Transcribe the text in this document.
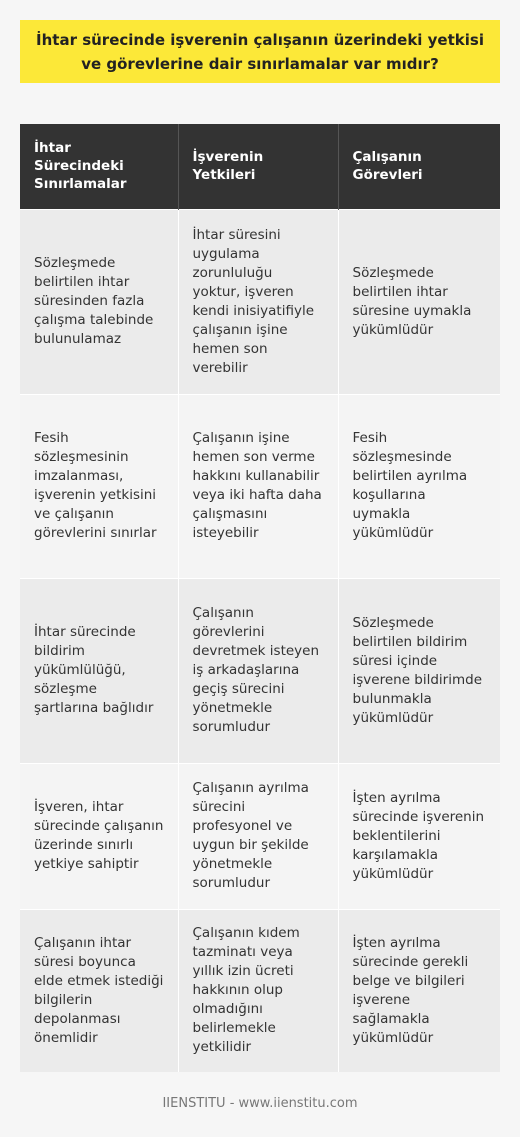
İhtar sürecinde işverenin çalışanın üzerindeki yetkisi ve görevlerine dair sınırlamalar var mıdır?
İhtar Sürecindeki Sınırlamalar	İşverenin Yetkileri	Çalışanın Görevleri
Sözleşmede belirtilen ihtar süresinden fazla çalışma talebinde bulunulamaz	İhtar süresini uygulama zorunluluğu yoktur, işveren kendi inisiyatifiyle çalışanın işine hemen son verebilir	Sözleşmede belirtilen ihtar süresine uymakla yükümlüdür
Fesih sözleşmesinin imzalanması, işverenin yetkisini ve çalışanın görevlerini sınırlar	Çalışanın işine hemen son verme hakkını kullanabilir veya iki hafta daha çalışmasını isteyebilir	Fesih sözleşmesinde belirtilen ayrılma koşullarına uymakla yükümlüdür
İhtar sürecinde bildirim yükümlülüğü, sözleşme şartlarına bağlıdır	Çalışanın görevlerini devretmek isteyen iş arkadaşlarına geçiş sürecini yönetmekle sorumludur	Sözleşmede belirtilen bildirim süresi içinde işverene bildirimde bulunmakla yükümlüdür
İşveren, ihtar sürecinde çalışanın üzerinde sınırlı yetkiye sahiptir	Çalışanın ayrılma sürecini profesyonel ve uygun bir şekilde yönetmekle sorumludur	İşten ayrılma sürecinde işverenin beklentilerini karşılamakla yükümlüdür
Çalışanın ihtar süresi boyunca elde etmek istediği bilgilerin depolanması önemlidir	Çalışanın kıdem tazminatı veya yıllık izin ücreti hakkının olup olmadığını belirlemekle yetkilidir	İşten ayrılma sürecinde gerekli belge ve bilgileri işverene sağlamakla yükümlüdür
IIENSTITU - www.iienstitu.com
